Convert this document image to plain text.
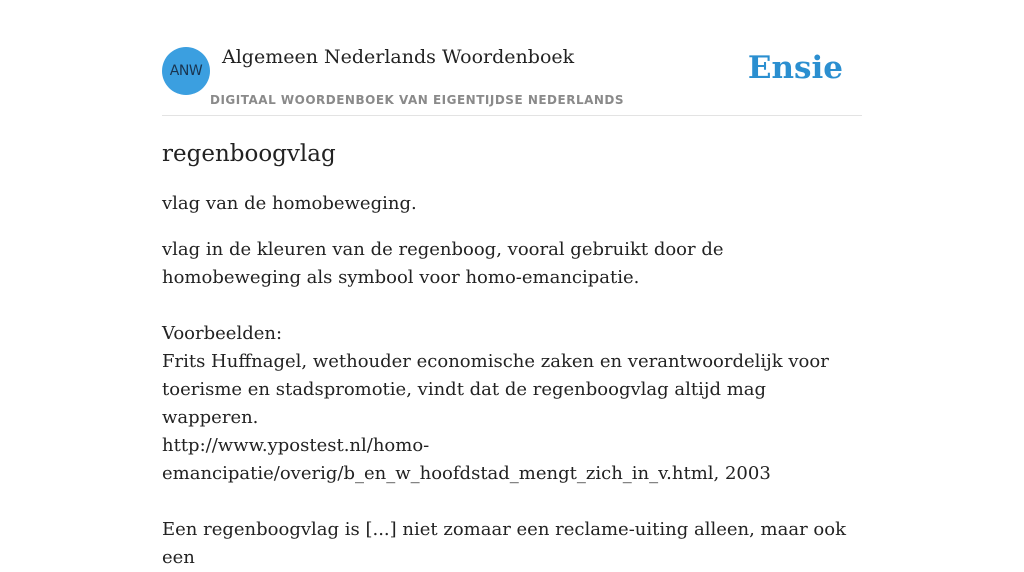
ANW
Algemeen Nederlands Woordenboek
DIGITAAL WOORDENBOEK VAN EIGENTIJDSE NEDERLANDS
Ensie
regenboogvlag

vlag van de homobeweging.

vlag in de kleuren van de regenboog, vooral gebruikt door de homobeweging als symbool voor homo-emancipatie.

Voorbeelden:

Frits Huffnagel, wethouder economische zaken en verantwoordelijk voor toerisme en stadspromotie, vindt dat de regenboogvlag altijd mag wapperen.

http://www.ypostest.nl/homo-emancipatie/overig/b_en_w_hoofdstad_mengt_zich_in_v.html, 2003

Een regenboogvlag is [...] niet zomaar een reclame-uiting alleen, maar ook een
